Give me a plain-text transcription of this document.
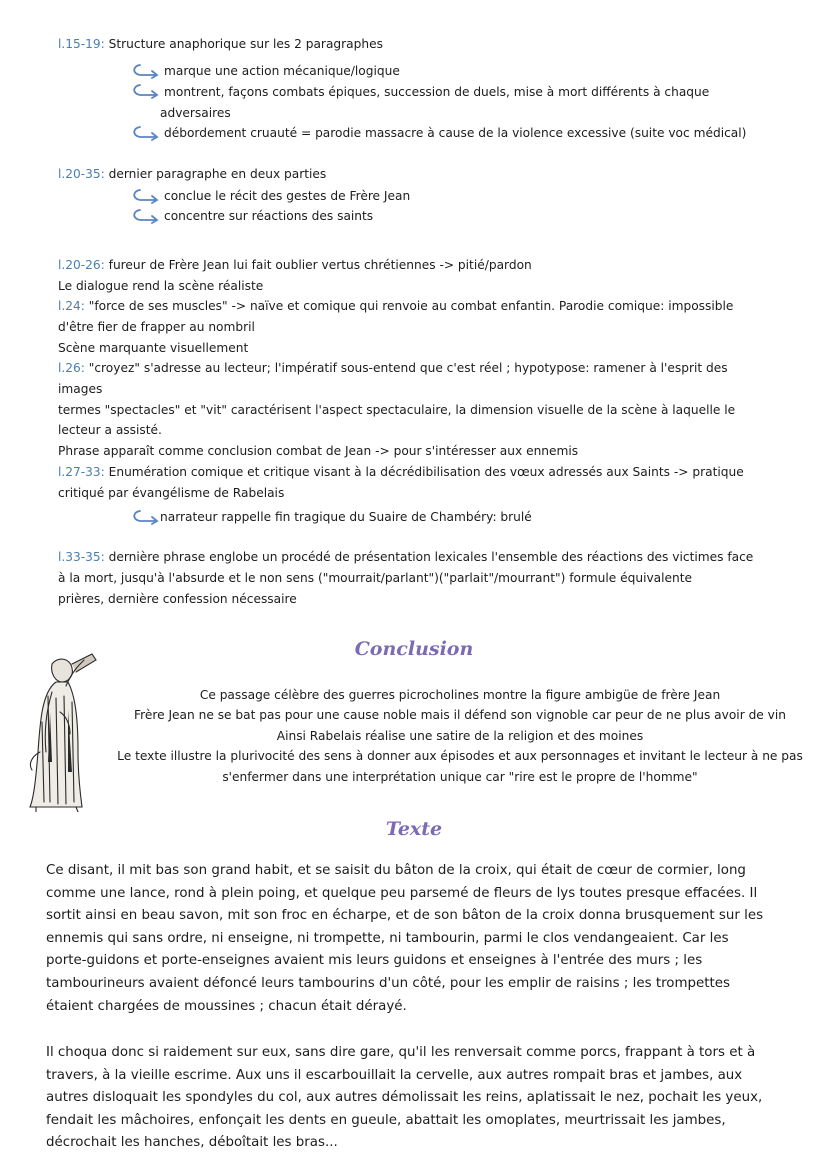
l.15-19: Structure anaphorique sur les 2 paragraphes
marque une action mécanique/logique
montrent, façons combats épiques, succession de duels, mise à mort différents à chaque
adversaires
débordement cruauté = parodie massacre à cause de la violence excessive (suite voc médical)
l.20-35: dernier paragraphe en deux parties
conclue le récit des gestes de Frère Jean
concentre sur réactions des saints
l.20-26: fureur de Frère Jean lui fait oublier vertus chrétiennes -> pitié/pardon
Le dialogue rend la scène réaliste
l.24: "force de ses muscles" -> naïve et comique qui renvoie au combat enfantin. Parodie comique: impossible
d'être fier de frapper au nombril
Scène marquante visuellement
l.26: "croyez" s'adresse au lecteur; l'impératif sous-entend que c'est réel ; hypotypose: ramener à l'esprit des
images
termes "spectacles" et "vit" caractérisent l'aspect spectaculaire, la dimension visuelle de la scène à laquelle le
lecteur a assisté.
Phrase apparaît comme conclusion combat de Jean -> pour s'intéresser aux ennemis
l.27-33: Enumération comique et critique visant à la décrédibilisation des vœux adressés aux Saints -> pratique
critiqué par évangélisme de Rabelais
narrateur rappelle fin tragique du Suaire de Chambéry: brulé
l.33-35: dernière phrase englobe un procédé de présentation lexicales l'ensemble des réactions des victimes face
à la mort, jusqu'à l'absurde et le non sens ("mourrait/parlant")("parlait"/mourrant") formule équivalente
prières, dernière confession nécessaire
Conclusion
Ce passage célèbre des guerres picrocholines montre la figure ambigüe de frère Jean
Frère Jean ne se bat pas pour une cause noble mais il défend son vignoble car peur de ne plus avoir de vin
Ainsi Rabelais réalise une satire de la religion et des moines
Le texte illustre la plurivocité des sens à donner aux épisodes et aux personnages et invitant le lecteur à ne pas
s'enfermer dans une interprétation unique car "rire est le propre de l'homme"
Texte
Ce disant, il mit bas son grand habit, et se saisit du bâton de la croix, qui était de cœur de cormier, long
comme une lance, rond à plein poing, et quelque peu parsemé de fleurs de lys toutes presque effacées. Il
sortit ainsi en beau savon, mit son froc en écharpe, et de son bâton de la croix donna brusquement sur les
ennemis qui sans ordre, ni enseigne, ni trompette, ni tambourin, parmi le clos vendangeaient. Car les
porte-guidons et porte-enseignes avaient mis leurs guidons et enseignes à l'entrée des murs ; les
tambourineurs avaient défoncé leurs tambourins d'un côté, pour les emplir de raisins ; les trompettes
étaient chargées de moussines ; chacun était dérayé.
Il choqua donc si raidement sur eux, sans dire gare, qu'il les renversait comme porcs, frappant à tors et à
travers, à la vieille escrime. Aux uns il escarbouillait la cervelle, aux autres rompait bras et jambes, aux
autres disloquait les spondyles du col, aux autres démolissait les reins, aplatissait le nez, pochait les yeux,
fendait les mâchoires, enfonçait les dents en gueule, abattait les omoplates, meurtrissait les jambes,
décrochait les hanches, déboîtait les bras...
